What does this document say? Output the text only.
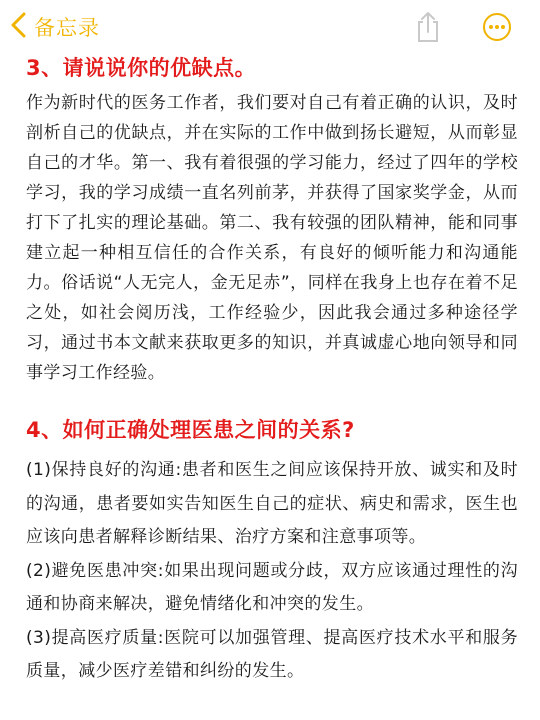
备忘录
3、请说说你的优缺点。

作为新时代的医务工作者，我们要对自己有着正确的认识，及时剖析自己的优缺点，并在实际的工作中做到扬长避短，从而彰显自己的才华。第一、我有着很强的学习能力，经过了四年的学校学习，我的学习成绩一直名列前茅，并获得了国家奖学金，从而打下了扎实的理论基础。第二、我有较强的团队精神，能和同事建立起一种相互信任的合作关系，有良好的倾听能力和沟通能力。俗话说“人无完人，金无足赤”，同样在我身上也存在着不足之处，如社会阅历浅，工作经验少，因此我会通过多种途径学习，通过书本文献来获取更多的知识，并真诚虚心地向领导和同事学习工作经验。

4、如何正确处理医患之间的关系?

(1)保持良好的沟通:患者和医生之间应该保持开放、诚实和及时的沟通，患者要如实告知医生自己的症状、病史和需求，医生也应该向患者解释诊断结果、治疗方案和注意事项等。

(2)避免医患冲突:如果出现问题或分歧，双方应该通过理性的沟通和协商来解决，避免情绪化和冲突的发生。

(3)提高医疗质量:医院可以加强管理、提高医疗技术水平和服务质量，减少医疗差错和纠纷的发生。
